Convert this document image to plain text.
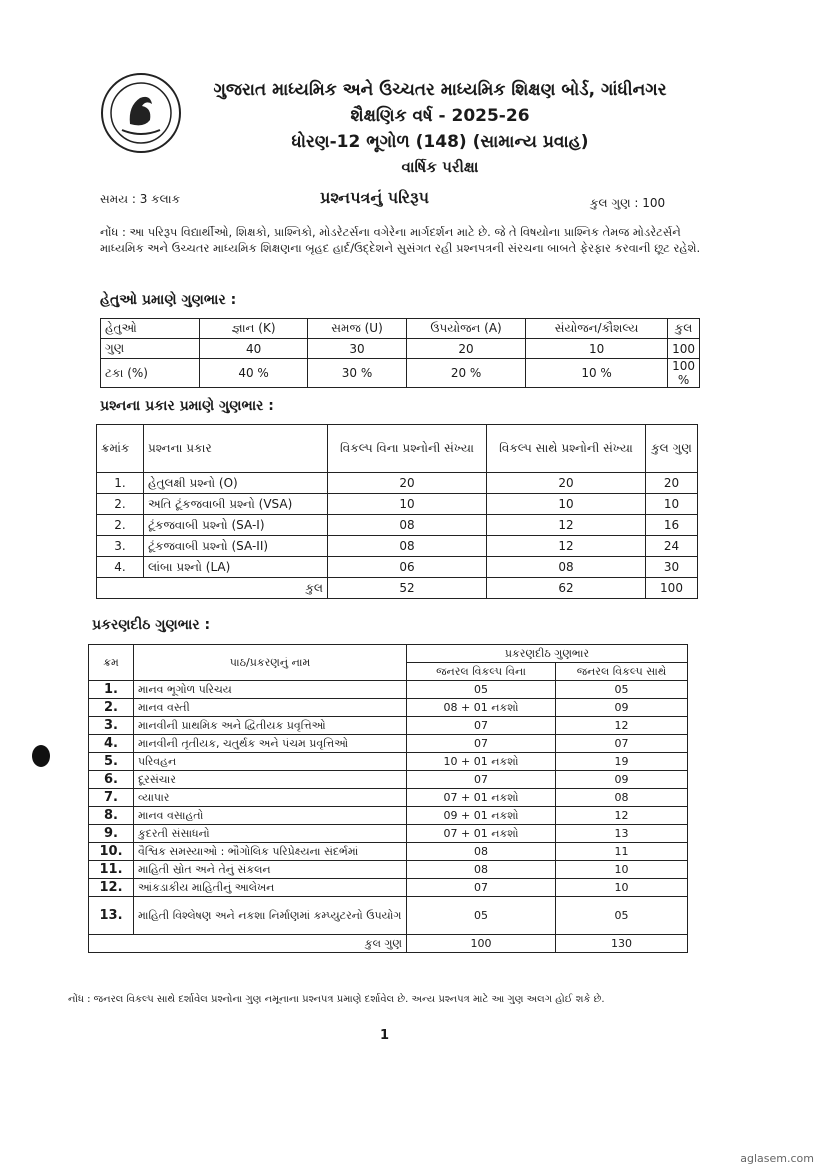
ગુજરાત માધ્યમિક અને ઉચ્ચતર માધ્યમિક શિક્ષણ બોર્ડ, ગાંધીનગર
શૈક્ષણિક વર્ષ - 2025-26
ધોરણ-12 ભૂગોળ (148) (સામાન્ય પ્રવાહ)
વાર્ષિક પરીક્ષા
સમય : 3 કલાક	પ્રશ્નપત્રનું પરિરૂપ	કુલ ગુણ : 100
નોંધ : આ પરિરૂપ વિદ્યાર્થીઓ, શિક્ષકો, પ્રાશ્નિકો, મોડરેટર્સના વગેરેના માર્ગદર્શન માટે છે. જે તે વિષયોના પ્રાશ્નિક તેમજ મોડરેટર્સને માધ્યમિક અને ઉચ્ચતર માધ્યમિક શિક્ષણના બૃહદ હાર્દ/ઉદ્દેશને સુસંગત રહી પ્રશ્નપત્રની સંરચના બાબતે ફેરફાર કરવાની છૂટ રહેશે.
હેતુઓ પ્રમાણે ગુણભાર :
હેતુઓ	જ્ઞાન (K)	સમજ (U)	ઉપયોજન (A)	સંયોજન/કૌશલ્ય	કુલ
ગુણ	40	30	20	10	100
ટકા (%)	40 %	30 %	20 %	10 %	100 %
પ્રશ્નના પ્રકાર પ્રમાણે ગુણભાર :
ક્રમાંક	પ્રશ્નના પ્રકાર	વિકલ્પ વિના પ્રશ્નોની સંખ્યા	વિકલ્પ સાથે પ્રશ્નોની સંખ્યા	કુલ ગુણ
1.	હેતુલક્ષી પ્રશ્નો (O)	20	20	20
2.	અતિ ટૂંકજવાબી પ્રશ્નો (VSA)	10	10	10
2.	ટૂંકજવાબી પ્રશ્નો (SA-I)	08	12	16
3.	ટૂંકજવાબી પ્રશ્નો (SA-II)	08	12	24
4.	લાંબા પ્રશ્નો (LA)	06	08	30
કુલ		52	62	100
પ્રકરણદીઠ ગુણભાર :
ક્રમ	પાઠ/પ્રકરણનું નામ	પ્રકરણદીઠ ગુણભાર	
		જનરલ વિકલ્પ વિના	જનરલ વિકલ્પ સાથે
1.	માનવ ભૂગોળ પરિચય	05	05
2.	માનવ વસ્તી	08 + 01 નકશો	09
3.	માનવીની પ્રાથમિક અને દ્વિતીયક પ્રવૃત્તિઓ	07	12
4.	માનવીની તૃતીયક, ચતુર્થક અને પંચમ પ્રવૃત્તિઓ	07	07
5.	પરિવહન	10 + 01 નકશો	19
6.	દૂરસંચાર	07	09
7.	વ્યાપાર	07 + 01 નકશો	08
8.	માનવ વસાહતો	09 + 01 નકશો	12
9.	કુદરતી સંસાધનો	07 + 01 નકશો	13
10.	વૈશ્વિક સમસ્યાઓ : ભૌગોલિક પરિપ્રેક્ષ્યના સંદર્ભમાં	08	11
11.	માહિતી સ્રોત અને તેનું સંકલન	08	10
12.	આંકડાકીય માહિતીનું આલેખન	07	10
13.	માહિતી વિશ્લેષણ અને નકશા નિર્માણમાં કમ્પ્યુટરનો ઉપયોગ	05	05
કુલ ગુણ		100	130
નોંધ : જનરલ વિકલ્પ સાથે દર્શાવેલ પ્રશ્નોના ગુણ નમૂનાના પ્રશ્નપત્ર પ્રમાણે દર્શાવેલ છે. અન્ય પ્રશ્નપત્ર માટે આ ગુણ અલગ હોઈ શકે છે.
1
aglasem.com
